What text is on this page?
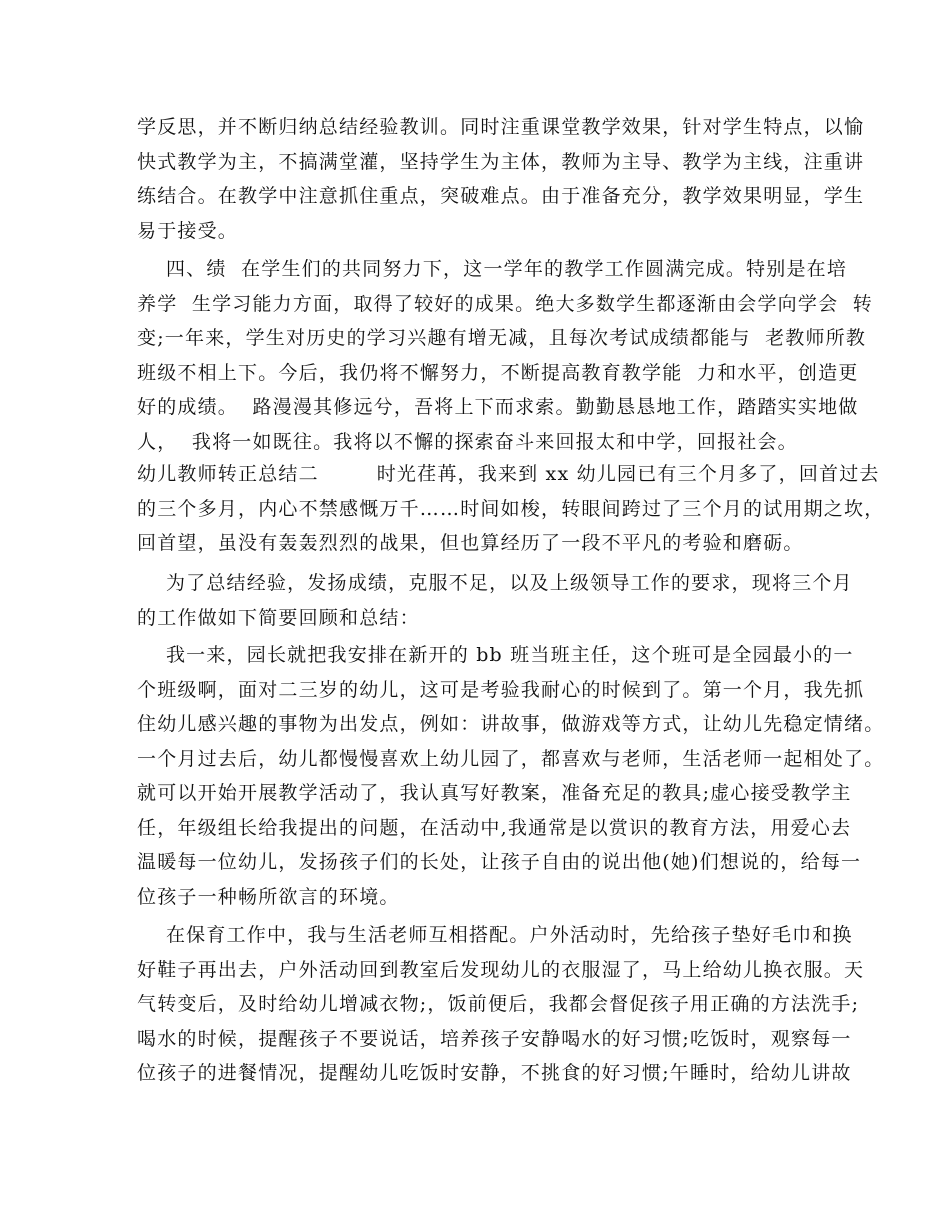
学反思，并不断归纳总结经验教训。同时注重课堂教学效果，针对学生特点，以愉
快式教学为主，不搞满堂灌，坚持学生为主体，教师为主导、教学为主线，注重讲
练结合。在教学中注意抓住重点，突破难点。由于准备充分，教学效果明显，学生
易于接受。
四、绩  在学生们的共同努力下，这一学年的教学工作圆满完成。特别是在培
养学  生学习能力方面，取得了较好的成果。绝大多数学生都逐渐由会学向学会  转
变;一年来，学生对历史的学习兴趣有增无减，且每次考试成绩都能与  老教师所教
班级不相上下。今后，我仍将不懈努力，不断提高教育教学能  力和水平，创造更
好的成绩。  路漫漫其修远兮，吾将上下而求索。勤勤恳恳地工作，踏踏实实地做
人，  我将一如既往。我将以不懈的探索奋斗来回报太和中学，回报社会。
幼儿教师转正总结二        时光荏苒，我来到 xx 幼儿园已有三个月多了，回首过去
的三个多月，内心不禁感慨万千……时间如梭，转眼间跨过了三个月的试用期之坎，
回首望，虽没有轰轰烈烈的战果，但也算经历了一段不平凡的考验和磨砺。
为了总结经验，发扬成绩，克服不足，以及上级领导工作的要求，现将三个月
的工作做如下简要回顾和总结：
我一来，园长就把我安排在新开的 bb 班当班主任，这个班可是全园最小的一
个班级啊，面对二三岁的幼儿，这可是考验我耐心的时候到了。第一个月，我先抓
住幼儿感兴趣的事物为出发点，例如：讲故事，做游戏等方式，让幼儿先稳定情绪。
一个月过去后，幼儿都慢慢喜欢上幼儿园了，都喜欢与老师，生活老师一起相处了。
就可以开始开展教学活动了，我认真写好教案，准备充足的教具;虚心接受教学主
任，年级组长给我提出的问题，在活动中,我通常是以赏识的教育方法，用爱心去
温暖每一位幼儿，发扬孩子们的长处，让孩子自由的说出他(她)们想说的，给每一
位孩子一种畅所欲言的环境。
在保育工作中，我与生活老师互相搭配。户外活动时，先给孩子垫好毛巾和换
好鞋子再出去，户外活动回到教室后发现幼儿的衣服湿了，马上给幼儿换衣服。天
气转变后，及时给幼儿增减衣物;，饭前便后，我都会督促孩子用正确的方法洗手;
喝水的时候，提醒孩子不要说话，培养孩子安静喝水的好习惯;吃饭时，观察每一
位孩子的进餐情况，提醒幼儿吃饭时安静，不挑食的好习惯;午睡时，给幼儿讲故
